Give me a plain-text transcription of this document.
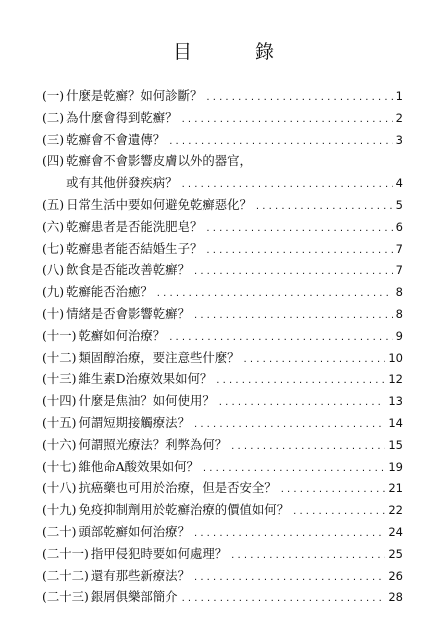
目　錄
(一) 什麼是乾癬？如何診斷？ . . .	1
(二) 為什麼會得到乾癬？ . . .	2
(三) 乾癬會不會遺傳？ . . .	3
(四) 乾癬會不會影響皮膚以外的器官，
或有其他併發疾病？ . . .	4
(五) 日常生活中要如何避免乾癬惡化？ . . .	5
(六) 乾癬患者是否能洗肥皂？ . . .	6
(七) 乾癬患者能否結婚生子？ . . .	7
(八) 飲食是否能改善乾癬？ . . .	7
(九) 乾癬能否治癒？ . . .	8
(十) 情緒是否會影響乾癬？ . . .	8
(十一) 乾癬如何治療？ . . .	9
(十二) 類固醇治療，要注意些什麼？ . . .	10
(十三) 維生素D治療效果如何？ . . .	12
(十四) 什麼是焦油？如何使用？ . . .	13
(十五) 何謂短期接觸療法？ . . .	14
(十六) 何謂照光療法？利弊為何？ . . .	15
(十七) 維他命A酸效果如何？ . . .	19
(十八) 抗癌藥也可用於治療，但是否安全？ . . .	21
(十九) 免疫抑制劑用於乾癬治療的價值如何？ . . .	22
(二十) 頭部乾癬如何治療？ . . .	24
(二十一) 指甲侵犯時要如何處理？ . . .	25
(二十二) 還有那些新療法？ . . .	26
(二十三) 銀屑俱樂部簡介 . . .	28
